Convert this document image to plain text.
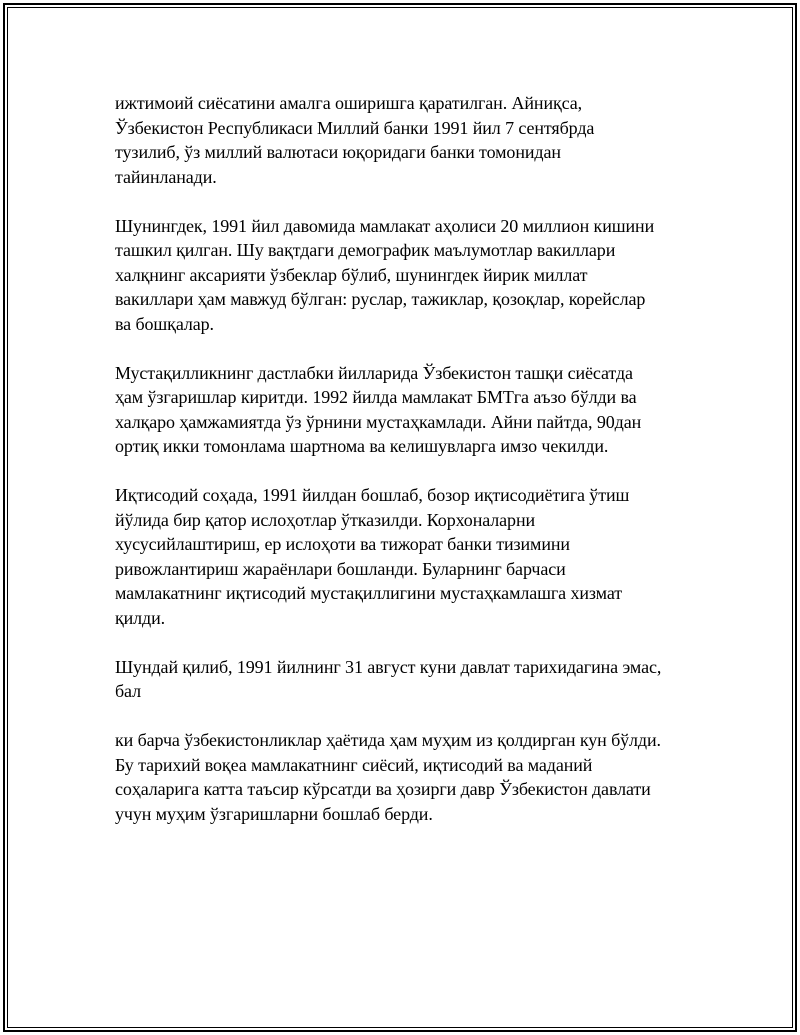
ижтимоий сиёсатини амалга оширишга қаратилган. Айниқса,
Ўзбекистон Республикаси Миллий банки 1991 йил 7 сентябрда
тузилиб, ўз миллий валютаси юқоридаги банки томонидан
тайинланади.

Шунингдек, 1991 йил давомида мамлакат аҳолиси 20 миллион кишини
ташкил қилган. Шу вақтдаги демографик маълумотлар вакиллари
халқнинг аксарияти ўзбеклар бўлиб, шунингдек йирик миллат
вакиллари ҳам мавжуд бўлган: руслар, тажиклар, қозоқлар, корейслар
ва бошқалар.

Мустақилликнинг дастлабки йилларида Ўзбекистон ташқи сиёсатда
ҳам ўзгаришлар киритди. 1992 йилда мамлакат БМТга аъзо бўлди ва
халқаро ҳамжамиятда ўз ўрнини мустаҳкамлади. Айни пайтда, 90дан
ортиқ икки томонлама шартнома ва келишувларга имзо чекилди.

Иқтисодий соҳада, 1991 йилдан бошлаб, бозор иқтисодиётига ўтиш
йўлида бир қатор ислоҳотлар ўтказилди. Корхоналарни
хусусийлаштириш, ер ислоҳоти ва тижорат банки тизимини
ривожлантириш жараёнлари бошланди. Буларнинг барчаси
мамлакатнинг иқтисодий мустақиллигини мустаҳкамлашга хизмат
қилди.

Шундай қилиб, 1991 йилнинг 31 август куни давлат тарихидагина эмас,
бал

ки барча ўзбекистонликлар ҳаётида ҳам муҳим из қолдирган кун бўлди.
Бу тарихий воқеа мамлакатнинг сиёсий, иқтисодий ва маданий
соҳаларига катта таъсир кўрсатди ва ҳозирги давр Ўзбекистон давлати
учун муҳим ўзгаришларни бошлаб берди.
